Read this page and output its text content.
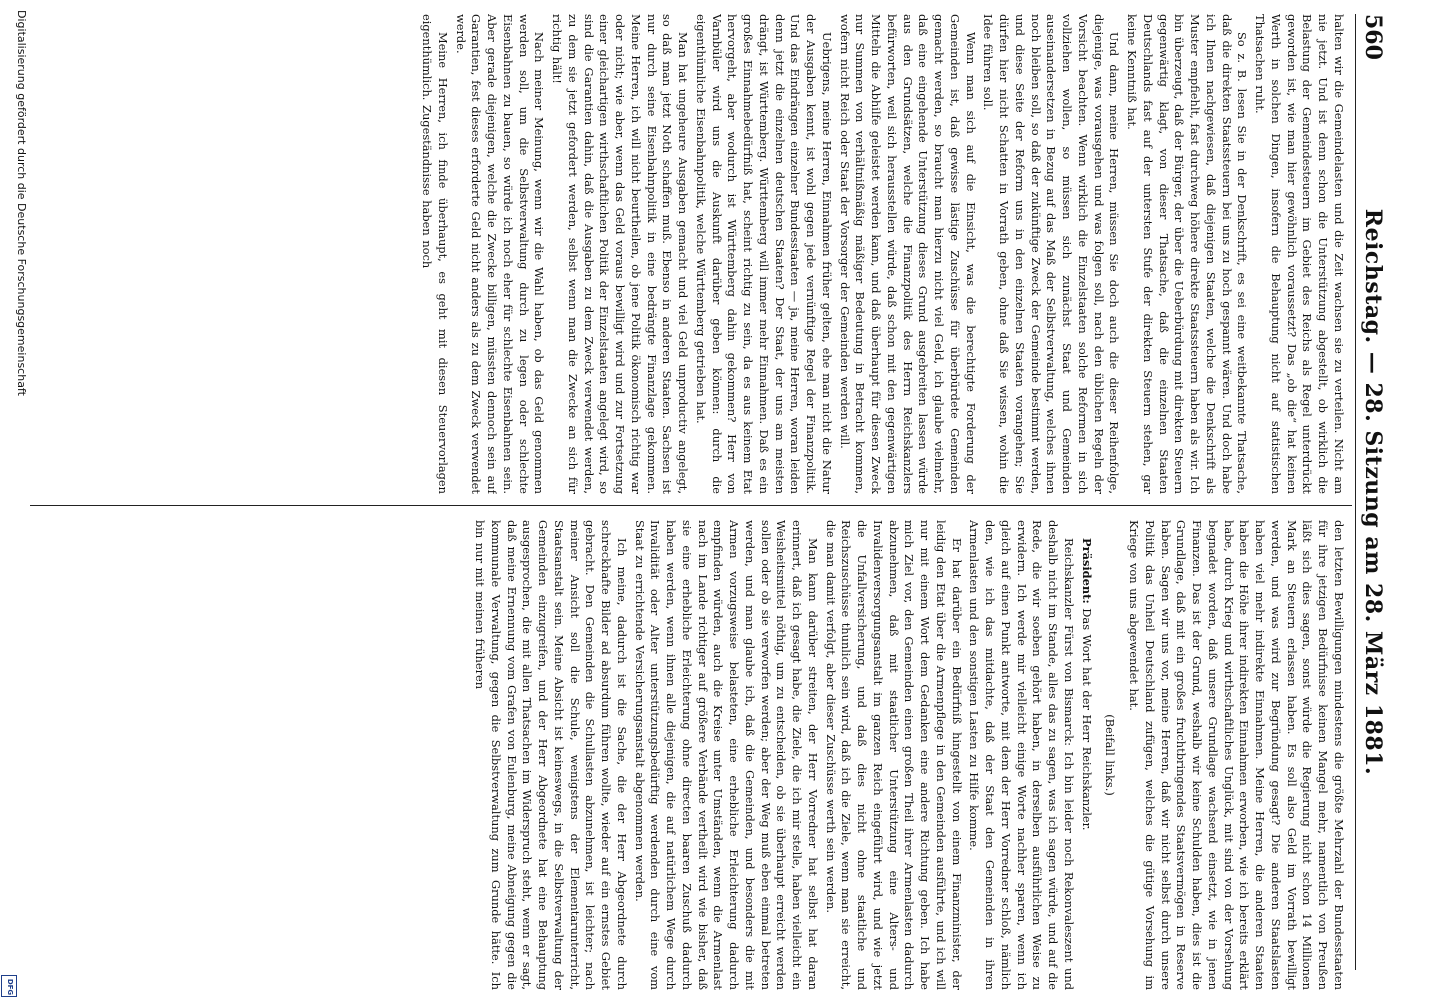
560
Reichstag. — 28. Sitzung am 28. März 1881.

halten wir die Gemeindelasten und die Zeit wachsen sie zu verteilen. Nicht am nie jetzt. Und ist denn schon die Unterstützung abgestellt, ob wirklich die Belastung der Gemeindesteuern im Gebiet des Reichs als Regel unterdrückt geworden ist, wie man hier gewöhnlich voraussetzt? Das „ob die“ hat keinen Werth in solchen Dingen, insofern die Behauptung nicht auf statistischen Thatsachen ruht.

So z. B. lesen Sie in der Denkschrift, es sei eine weitbekannte Thatsache, daß die direkten Staatssteuern bei uns zu hoch gespannt wären. Und doch habe ich Ihnen nachgewiesen, daß diejenigen Staaten, welche die Denkschrift als Muster empfiehlt, fast durchweg höhere direkte Staatssteuern haben als wir. Ich bin überzeugt, daß der Bürger, der über die Ueberbürdung mit direkten Steuern gegenwärtig klagt, von dieser Thatsache, daß die einzelnen Staaten Deutschlands fast auf der untersten Stufe der direkten Steuern stehen, gar keine Kenntniß hat.

Und dann, meine Herren, müssen Sie doch auch die dieser Reihenfolge, diejenige, was vorausgehen und was folgen soll, nach den üblichen Regeln der Vorsicht beachten. Wenn wirklich die Einzelstaaten solche Reformen in sich vollziehen wollen, so müssen sich zunächst Staat und Gemeinden auseinandersetzen in Bezug auf das Maß der Selbstverwaltung, welches ihnen noch bleiben soll, so daß der zukünftige Zweck der Gemeinde bestimmt werden, und diese Seite der Reform uns in den einzelnen Staaten vorangehen; Sie dürfen hier nicht Schatten in Vorrath geben, ohne daß Sie wissen, wohin die Idee führen soll.

Wenn man sich auf die Einsicht, was die berechtigte Forderung der Gemeinden ist, daß gewisse lästige Zuschüsse für überbürdete Gemeinden gemacht werden, so braucht man hierzu nicht viel Geld, ich glaube vielmehr, daß eine eingehende Unterstützung dieses Grund ausgebreiten lassen würde aus den Grundsätzen, welche die Finanzpolitik des Herrn Reichskanzlers befürworten, weil sich herausstellen würde, daß schon mit den gegenwärtigen Mitteln die Abhilfe geleistet werden kann, und daß überhaupt für diesen Zweck nur Summen von verhältnißmäßig mäßiger Bedeutung in Betracht kommen, wofern nicht Reich oder Staat der Vorsorger der Gemeinden werden will.

Uebrigens, meine Herren, Einnahmen früher gelten, ehe man nicht die Natur der Ausgaben kennt, ist wohl gegen jede vernünftige Regel der Finanzpolitik. Und das Eindrängen einzelner Bundesstaaten — ja, meine Herren, woran leiden denn jetzt die einzelnen deutschen Staaten? Der Staat, der uns am meisten drängt, ist Württemberg. Württemberg will immer mehr Einnahmen. Daß es ein großes Einnahmebedürfniß hat, scheint richtig zu sein, da es aus keinem Etat hervorgeht, aber wodurch ist Württemberg dahin gekommen? Herr von Varnbüler wird uns die Auskunft darüber geben können: durch die eigenthümliche Eisenbahnpolitik, welche Württemberg getrieben hat.

Man hat ungeheure Ausgaben gemacht und viel Geld unproductiv angelegt, so daß man jetzt Noth schaffen muß. Ebenso in anderen Staaten. Sachsen ist nur durch seine Eisenbahnpolitik in eine bedrängte Finanzlage gekommen. Meine Herren, ich will nicht beurtheilen, ob jene Politik ökonomisch richtig war oder nicht; wie aber, wenn das Geld voraus bewilligt wird und zur Fortsetzung einer gleichartigen wirthschaftlichen Politik der Einzelstaaten angelegt wird, so sind die Garantien dahin, daß die Ausgaben zu dem Zweck verwendet werden, zu dem sie jetzt gefordert werden, selbst wenn man die Zwecke an sich für richtig hält!

Nach meiner Meinung, wenn wir die Wahl haben, ob das Geld genommen werden soll, um die Selbstverwaltung durch zu legen oder schlechte Eisenbahnen zu bauen, so würde ich noch eher für schlechte Eisenbahnen sein. Aber gerade diejenigen, welche die Zwecke billigen, müssten dennoch sein auf Garantien, fest dieses erforderte Geld nicht anders als zu dem Zweck verwendet werde.

Meine Herren, ich finde überhaupt, es geht mit diesen Steuervorlagen eigenthümlich. Zugeständnisse haben noch

den letzten Bewilligungen mindestens die größte Mehrzahl der Bundesstaaten für ihre jetzigen Bedürfnisse keinen Mangel mehr, namentlich von Preußen läßt sich dies sagen, sonst würde die Regierung nicht schon 14 Millionen Mark an Steuern erlassen haben. Es soll also Geld im Vorrath bewilligt werden, und was wird zur Begründung gesagt? Die anderen Staatslasten haben viel mehr indirekte Einnahmen. Meine Herren, die anderen Staaten haben die Höhe ihrer indirekten Einnahmen erworben, wie ich bereits erklärt habe, durch Krieg und wirthschaftliches Unglück, mit sind von der Vorsehung begnadet worden, daß unsere Grundlage wachsend einsetzt, wie in jenen Finanzen. Das ist der Grund, weshalb wir keine Schulden haben, dies ist die Grundlage, daß mit ein großes fruchtbringendes Staatsvermögen in Reserve haben. Sagen wir uns vor, meine Herren, daß wir nicht selbst durch unsere Politik das Unheil Deutschland zufügen, welches die gütige Vorsehung im Kriege von uns abgewendet hat.

(Beifall links.)

Präsident: Das Wort hat der Herr Reichskanzler.

Reichskanzler Fürst von Bismarck: Ich bin leider noch Rekonvaleszent und deshalb nicht im Stande, alles das zu sagen, was ich sagen würde, und auf die Rede, die wir soeben gehört haben, in derselben ausführlichen Weise zu erwidern. Ich werde mir vielleicht einige Worte nachher sparen, wenn ich gleich auf einen Punkt antworte, mit dem der Herr Vorredner schloß, nämlich den, wie ich das mitdachte, daß der Staat den Gemeinden in ihren Armenlasten und den sonstigen Lasten zu Hilfe komme.

Er hat darüber ein Bedürfniß hingestellt von einem Finanzminister, der leidig den Etat über die Armenpflege in den Gemeinden ausführte, und ich will nur mit einem Wort dem Gedanken eine andere Richtung geben. Ich habe mich Ziel vor, den Gemeinden einen großen Theil ihrer Armenlasten dadurch abzunehmen, daß mit staatlicher Unterstützung eine Alters- und Invalidenversorgungsanstalt im ganzen Reich eingeführt wird, und wie jetzt die Unfallversicherung, und daß dies nicht ohne staatliche und Reichszuschüsse thunlich sein wird, daß ich die Ziele, wenn man sie erreicht, die man damit verfolgt, aber dieser Zuschüsse werth sein werden.

Man kann darüber streiten, der Herr Vorredner hat selbst hat daran erinnert, daß ich gesagt habe, die Ziele, die ich mir stelle, haben vielleicht ein Weisheitsmittel nöthig, um zu entscheiden, ob sie überhaupt erreicht werden sollen oder ob sie verworfen werden; aber der Weg muß eben einmal betreten werden, und man glaube ich, daß die Gemeinden, und besonders die mit Armen vorzugsweise belasteten, eine erhebliche Erleichterung dadurch empfinden würden, auch die Kreise unter Umständen, wenn die Armenlast nach im Lande richtiger auf größere Verbände vertheilt wird wie bisher, daß sie eine erhebliche Erleichterung ohne directen baaren Zuschuß dadurch haben werden, wenn ihnen alle diejenigen, die auf natürlichem Wege durch Invalidität oder Alter unterstützungsbedürftig werdenden durch eine vom Staat zu errichtende Versicherungsanstalt abgenommen werden.

Ich meine, dadurch ist die Sache, die der Herr Abgeordnete durch schreckhafte Bilder ad absurdum führen wollte, wieder auf ein ernstes Gebiet gebracht. Den Gemeinden die Schullasten abzunehmen, ist leichter; nach meiner Ansicht soll die Schule, wenigstens der Elementarunterricht, Staatsanstalt sein. Meine Absicht ist keineswegs, in die Selbstverwaltung der Gemeinden einzugreifen, und der Herr Abgeordnete hat eine Behauptung ausgesprochen, die mit allen Thatsachen im Widerspruch steht, wenn er sagt, daß meine Ernennung vom Grafen von Eulenburg, meine Abneigung gegen die kommunale Verwaltung, gegen die Selbstverwaltung zum Grunde hätte. Ich bin nur mit meinen früheren

Digitalisierung gefördert durch die Deutsche Forschungsgemeinschaft
DFG
